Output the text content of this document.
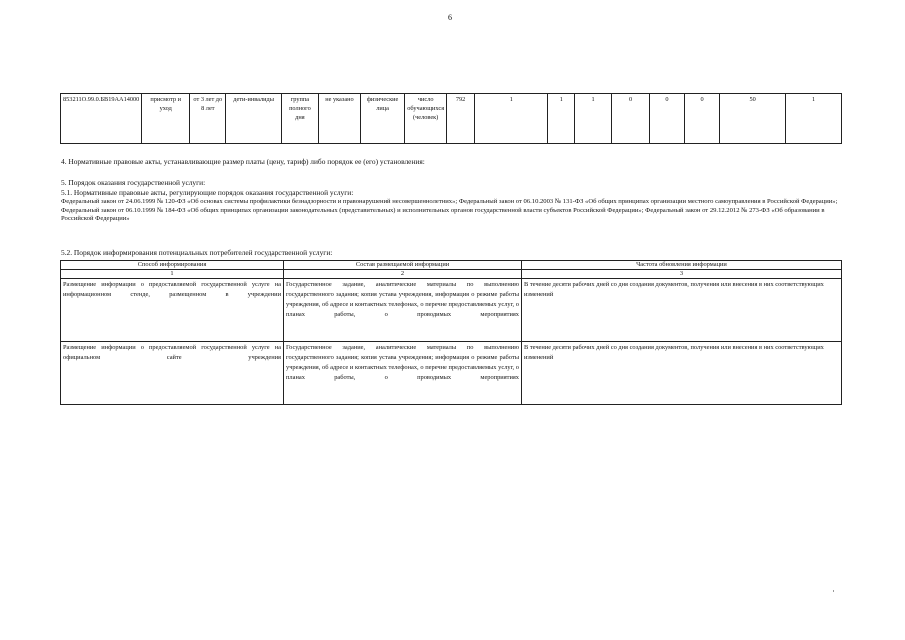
6
853211О.99.0.БВ19АА14000	присмотр и уход	от 3 лет до 8 лет	дети-инвалиды	группа полного дня	не указано	физические лица	число обучающихся (человек)	792	1	1	1	0	0	0	50	1
4. Нормативные правовые акты, устанавливающие размер платы (цену, тариф) либо порядок ее (его) установления:
5. Порядок оказания государственной услуги:
5.1. Нормативные правовые акты, регулирующие порядок оказания государственной услуги:
Федеральный закон от 24.06.1999 № 120-ФЗ «Об основах системы профилактики безнадзорности и правонарушений несовершеннолетних»; Федеральный закон от 06.10.2003 № 131-ФЗ «Об общих принципах организации местного самоуправления в Российской Федерации»; Федеральный закон от 06.10.1999 № 184-ФЗ «Об общих принципах организации законодательных (представительных) и исполнительных органов государственной власти субъектов Российской Федерации»; Федеральный закон от 29.12.2012 № 273-ФЗ «Об образовании в Российской Федерации»
5.2. Порядок информирования потенциальных потребителей государственной услуги:
Способ информирования	Состав размещаемой информации	Частота обновления информации
1	2	3
Размещение информации о предоставляемой государственной услуге на информационном стенде, размещенном в учреждении	Государственное задание, аналитические материалы по выполнению государственного задания; копия устава учреждения, информация о режиме работы учреждения, об адресе и контактных телефонах, о перечне предоставляемых услуг, о планах работы, о проводимых мероприятиях	В течение десяти рабочих дней со дня создания документов, получения или внесения в них соответствующих изменений
Размещение информации о предоставляемой государственной услуге на официальном сайте учреждения	Государственное задание, аналитические материалы по выполнению государственного задания; копия устава учреждения; информация о режиме работы учреждения, об адресе и контактных телефонах, о перечне предоставляемых услуг, о планах работы, о проводимых мероприятиях	В течение десяти рабочих дней со дня создания документов, получения или внесения в них соответствующих изменений
